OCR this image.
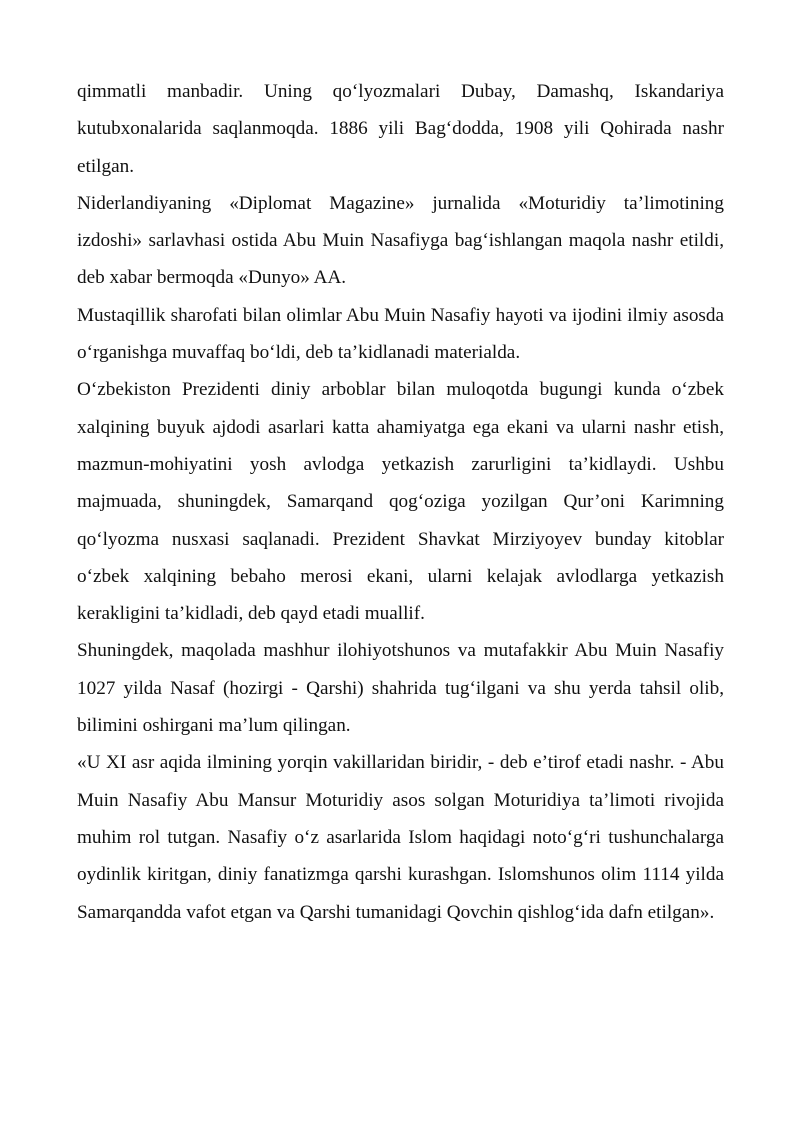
qimmatli manbadir. Uning qo‘lyozmalari Dubay, Damashq, Iskandariya kutubxonalarida saqlanmoqda. 1886 yili Bag‘dodda, 1908 yili Qohirada nashr etilgan.

Niderlandiyaning «Diplomat Magazine» jurnalida «Moturidiy ta’limotining izdoshi» sarlavhasi ostida Abu Muin Nasafiyga bag‘ishlangan maqola nashr etildi, deb xabar bermoqda «Dunyo» AA.

Mustaqillik sharofati bilan olimlar Abu Muin Nasafiy hayoti va ijodini ilmiy asosda o‘rganishga muvaffaq bo‘ldi, deb ta’kidlanadi materialda.

O‘zbekiston Prezidenti diniy arboblar bilan muloqotda bugungi kunda o‘zbek xalqining buyuk ajdodi asarlari katta ahamiyatga ega ekani va ularni nashr etish, mazmun-mohiyatini yosh avlodga yetkazish zarurligini ta’kidlaydi. Ushbu majmuada, shuningdek, Samarqand qog‘oziga yozilgan Qur’oni Karimning qo‘lyozma nusxasi saqlanadi. Prezident Shavkat Mirziyoyev bunday kitoblar o‘zbek xalqining bebaho merosi ekani, ularni kelajak avlodlarga yetkazish kerakligini ta’kidladi, deb qayd etadi muallif.

Shuningdek, maqolada mashhur ilohiyotshunos va mutafakkir Abu Muin Nasafiy 1027 yilda Nasaf (hozirgi - Qarshi) shahrida tug‘ilgani va shu yerda tahsil olib, bilimini oshirgani ma’lum qilingan.

«U XI asr aqida ilmining yorqin vakillaridan biridir, - deb e’tirof etadi nashr. - Abu Muin Nasafiy Abu Mansur Moturidiy asos solgan Moturidiya ta’limoti rivojida muhim rol tutgan. Nasafiy o‘z asarlarida Islom haqidagi noto‘g‘ri tushunchalarga oydinlik kiritgan, diniy fanatizmga qarshi kurashgan. Islomshunos olim 1114 yilda Samarqandda vafot etgan va Qarshi tumanidagi Qovchin qishlog‘ida dafn etilgan».
